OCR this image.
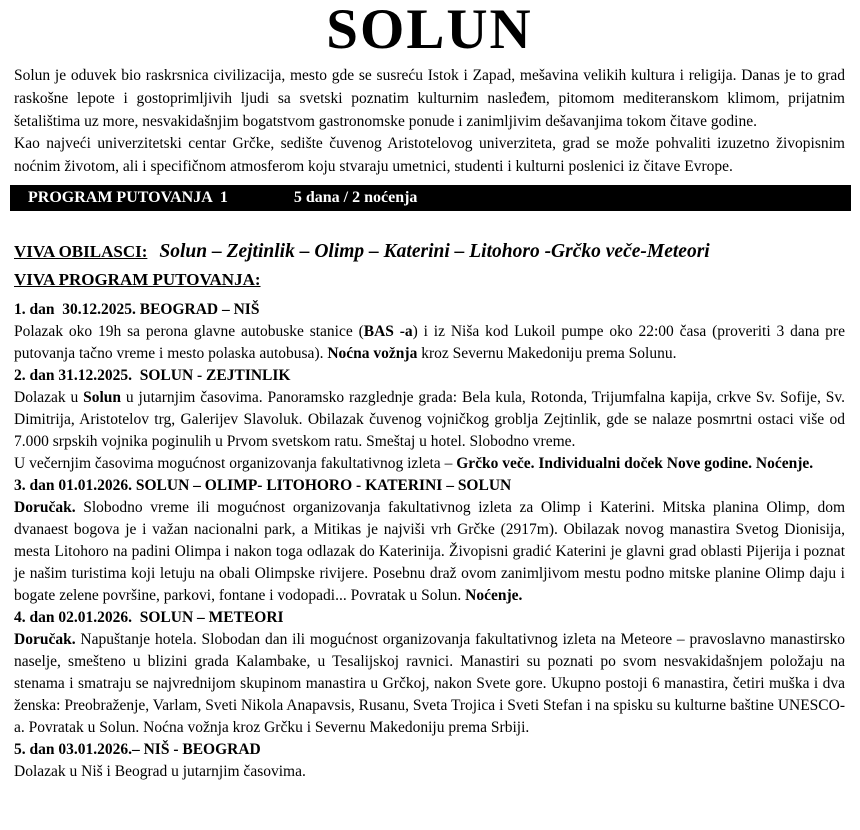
SOLUN

Solun je oduvek bio raskrsnica civilizacija, mesto gde se susreću Istok i Zapad, mešavina velikih kultura i religija. Danas je to grad raskošne lepote i gostoprimljivih ljudi sa svetski poznatim kulturnim nasleđem, pitomom mediteranskom klimom, prijatnim šetalištima uz more, nesvakidašnjim bogatstvom gastronomske ponude i zanimljivim dešavanjima tokom čitave godine.

Kao najveći univerzitetski centar Grčke, sedište čuvenog Aristotelovog univerziteta, grad se može pohvaliti izuzetno živopisnim noćnim životom, ali i specifičnom atmosferom koju stvaraju umetnici, studenti i kulturni poslenici iz čitave Evrope.

PROGRAM PUTOVANJA  1	5 dana / 2 noćenja
VIVA OBILASCI: Solun – Zejtinlik – Olimp – Katerini – Litohoro -Grčko veče-Meteori
VIVA PROGRAM PUTOVANJA:
1. dan  30.12.2025. BEOGRAD – NIŠ

Polazak oko 19h sa perona glavne autobuske stanice (BAS -a) i iz Niša kod Lukoil pumpe oko 22:00 časa (proveriti 3 dana pre putovanja tačno vreme i mesto polaska autobusa). Noćna vožnja kroz Severnu Makedoniju prema Solunu.

2. dan 31.12.2025.  SOLUN - ZEJTINLIK

Dolazak u Solun u jutarnjim časovima. Panoramsko razglednje grada: Bela kula, Rotonda, Trijumfalna kapija, crkve Sv. Sofije, Sv. Dimitrija, Aristotelov trg, Galerijev Slavoluk. Obilazak čuvenog vojničkog groblja Zejtinlik, gde se nalaze posmrtni ostaci više od 7.000 srpskih vojnika poginulih u Prvom svetskom ratu. Smeštaj u hotel. Slobodno vreme.

U večernjim časovima mogućnost organizovanja fakultativnog izleta – Grčko veče. Individualni doček Nove godine. Noćenje.

3. dan 01.01.2026. SOLUN – OLIMP- LITOHORO - KATERINI – SOLUN

Doručak. Slobodno vreme ili mogućnost organizovanja fakultativnog izleta za Olimp i Katerini. Mitska planina Olimp, dom dvanaest bogova je i važan nacionalni park, a Mitikas je najviši vrh Grčke (2917m). Obilazak novog manastira Svetog Dionisija, mesta Litohoro na padini Olimpa i nakon toga odlazak do Katerinija. Živopisni gradić Katerini je glavni grad oblasti Pijerija i poznat je našim turistima koji letuju na obali Olimpske rivijere. Posebnu draž ovom zanimljivom mestu podno mitske planine Olimp daju i bogate zelene površine, parkovi, fontane i vodopadi... Povratak u Solun. Noćenje.

4. dan 02.01.2026.  SOLUN – METEORI

Doručak. Napuštanje hotela. Slobodan dan ili mogućnost organizovanja fakultativnog izleta na Meteore – pravoslavno manastirsko naselje, smešteno u blizini grada Kalambake, u Tesalijskoj ravnici. Manastiri su poznati po svom nesvakidašnjem položaju na stenama i smatraju se najvrednijom skupinom manastira u Grčkoj, nakon Svete gore. Ukupno postoji 6 manastira, četiri muška i dva ženska: Preobraženje, Varlam, Sveti Nikola Anapavsis, Rusanu, Sveta Trojica i Sveti Stefan i na spisku su kulturne baštine UNESCO-a. Povratak u Solun. Noćna vožnja kroz Grčku i Severnu Makedoniju prema Srbiji.

5. dan 03.01.2026.– NIŠ - BEOGRAD

Dolazak u Niš i Beograd u jutarnjim časovima.
